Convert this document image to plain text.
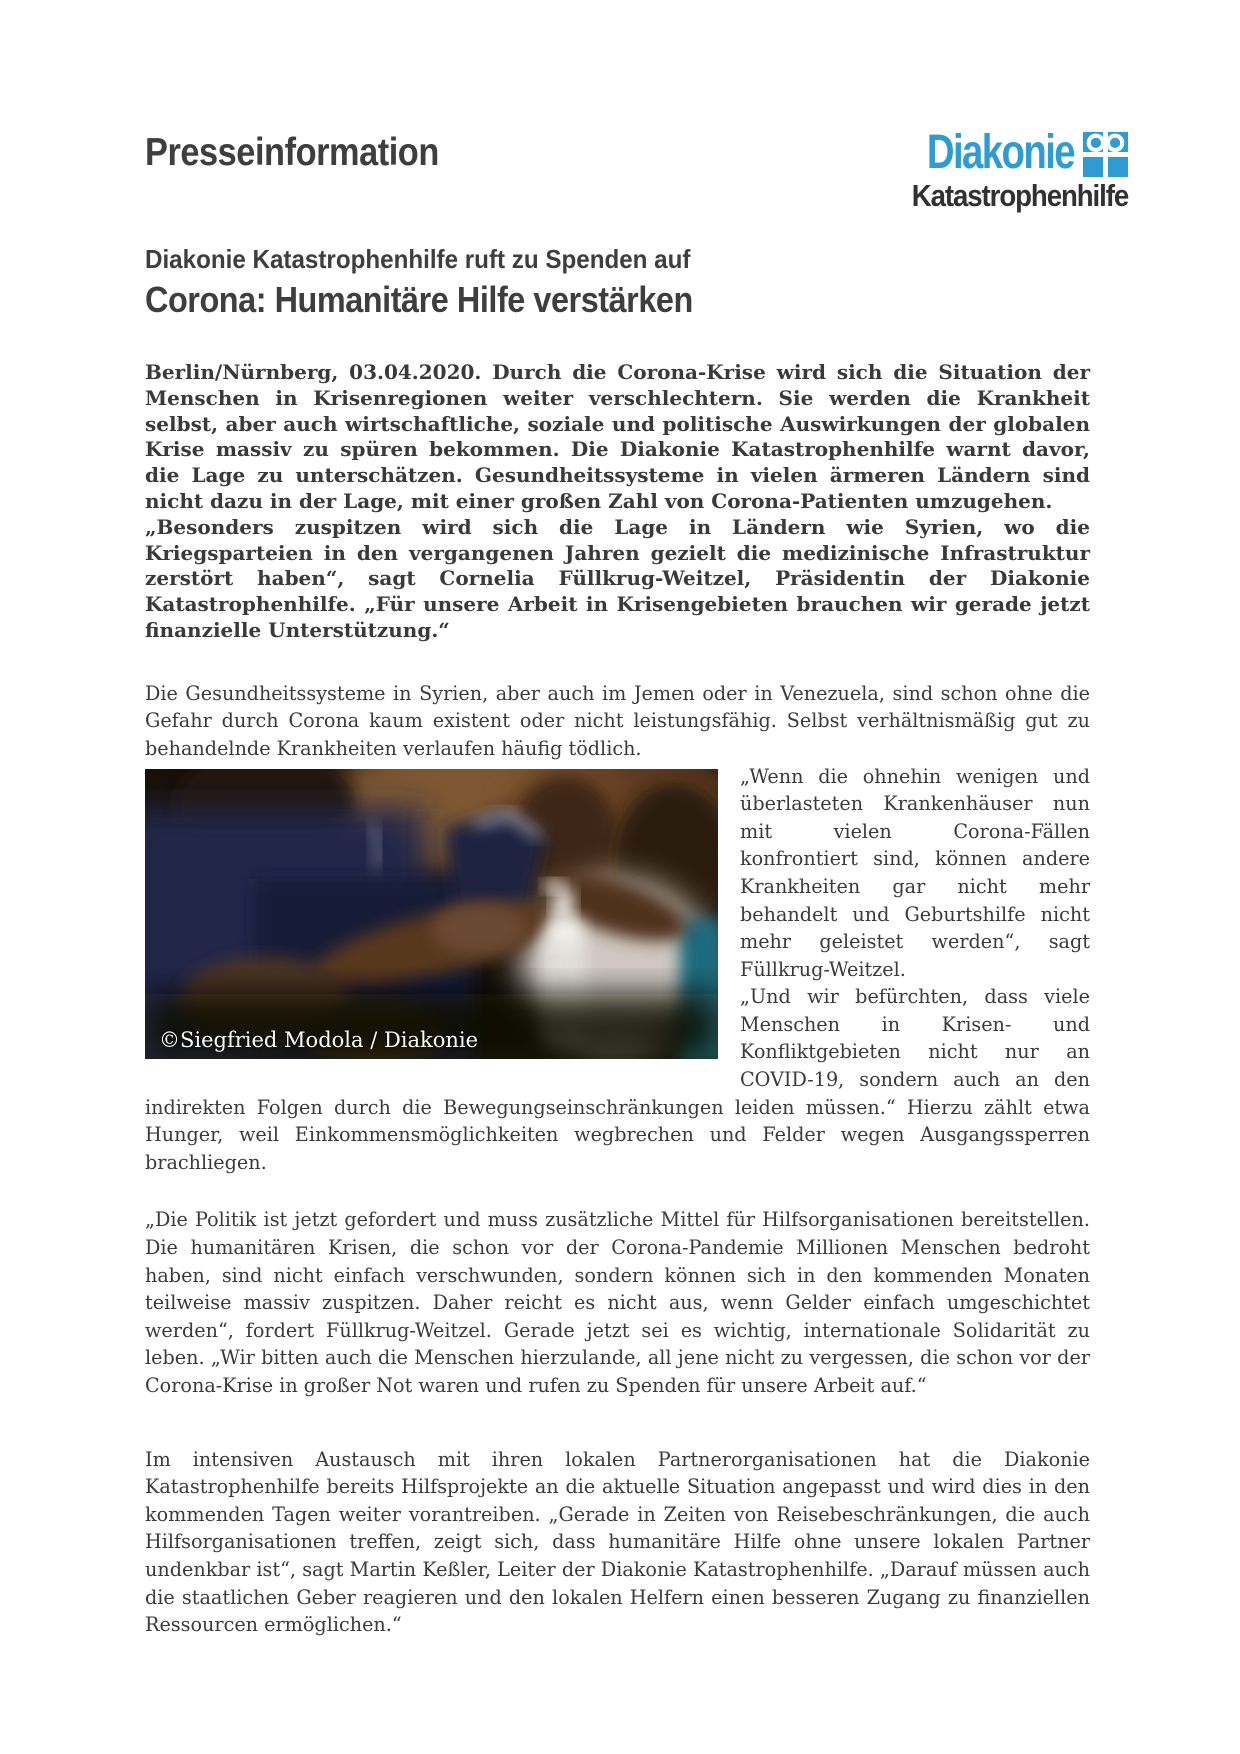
Presseinformation	Diakonie
Katastrophenhilfe
Diakonie Katastrophenhilfe ruft zu Spenden auf
Corona: Humanitäre Hilfe verstärken

Berlin/Nürnberg, 03.04.2020. Durch die Corona-Krise wird sich die Situation der Menschen in Krisenregionen weiter verschlechtern. Sie werden die Krankheit selbst, aber auch wirtschaftliche, soziale und politische Auswirkungen der globalen Krise massiv zu spüren bekommen. Die Diakonie Katastrophenhilfe warnt davor, die Lage zu unterschätzen. Gesundheitssysteme in vielen ärmeren Ländern sind nicht dazu in der Lage, mit einer großen Zahl von Corona-Patienten umzugehen.

„Besonders zuspitzen wird sich die Lage in Ländern wie Syrien, wo die Kriegsparteien in den vergangenen Jahren gezielt die medizinische Infrastruktur zerstört haben“, sagt Cornelia Füllkrug-Weitzel, Präsidentin der Diakonie Katastrophenhilfe. „Für unsere Arbeit in Krisengebieten brauchen wir gerade jetzt finanzielle Unterstützung.“

Die Gesundheitssysteme in Syrien, aber auch im Jemen oder in Venezuela, sind schon ohne die Gefahr durch Corona kaum existent oder nicht leistungsfähig. Selbst verhältnismäßig gut zu behandelnde Krankheiten verlaufen häufig tödlich.

©Siegfried Modola / Diakonie

„Wenn die ohnehin wenigen und überlasteten Krankenhäuser nun mit vielen Corona-Fällen konfrontiert sind, können andere Krankheiten gar nicht mehr behandelt und Geburtshilfe nicht mehr geleistet werden“, sagt Füllkrug-Weitzel.

„Und wir befürchten, dass viele Menschen in Krisen- und Konfliktgebieten nicht nur an COVID-19, sondern auch an den indirekten Folgen durch die Bewegungseinschränkungen leiden müssen.“ Hierzu zählt etwa Hunger, weil Einkommensmöglichkeiten wegbrechen und Felder wegen Ausgangssperren brachliegen.

„Die Politik ist jetzt gefordert und muss zusätzliche Mittel für Hilfsorganisationen bereitstellen. Die humanitären Krisen, die schon vor der Corona-Pandemie Millionen Menschen bedroht haben, sind nicht einfach verschwunden, sondern können sich in den kommenden Monaten teilweise massiv zuspitzen. Daher reicht es nicht aus, wenn Gelder einfach umgeschichtet werden“, fordert Füllkrug-Weitzel. Gerade jetzt sei es wichtig, internationale Solidarität zu leben. „Wir bitten auch die Menschen hierzulande, all jene nicht zu vergessen, die schon vor der Corona-Krise in großer Not waren und rufen zu Spenden für unsere Arbeit auf.“

Im intensiven Austausch mit ihren lokalen Partnerorganisationen hat die Diakonie Katastrophenhilfe bereits Hilfsprojekte an die aktuelle Situation angepasst und wird dies in den kommenden Tagen weiter vorantreiben. „Gerade in Zeiten von Reisebeschränkungen, die auch Hilfsorganisationen treffen, zeigt sich, dass humanitäre Hilfe ohne unsere lokalen Partner undenkbar ist“, sagt Martin Keßler, Leiter der Diakonie Katastrophenhilfe. „Darauf müssen auch die staatlichen Geber reagieren und den lokalen Helfern einen besseren Zugang zu finanziellen Ressourcen ermöglichen.“
